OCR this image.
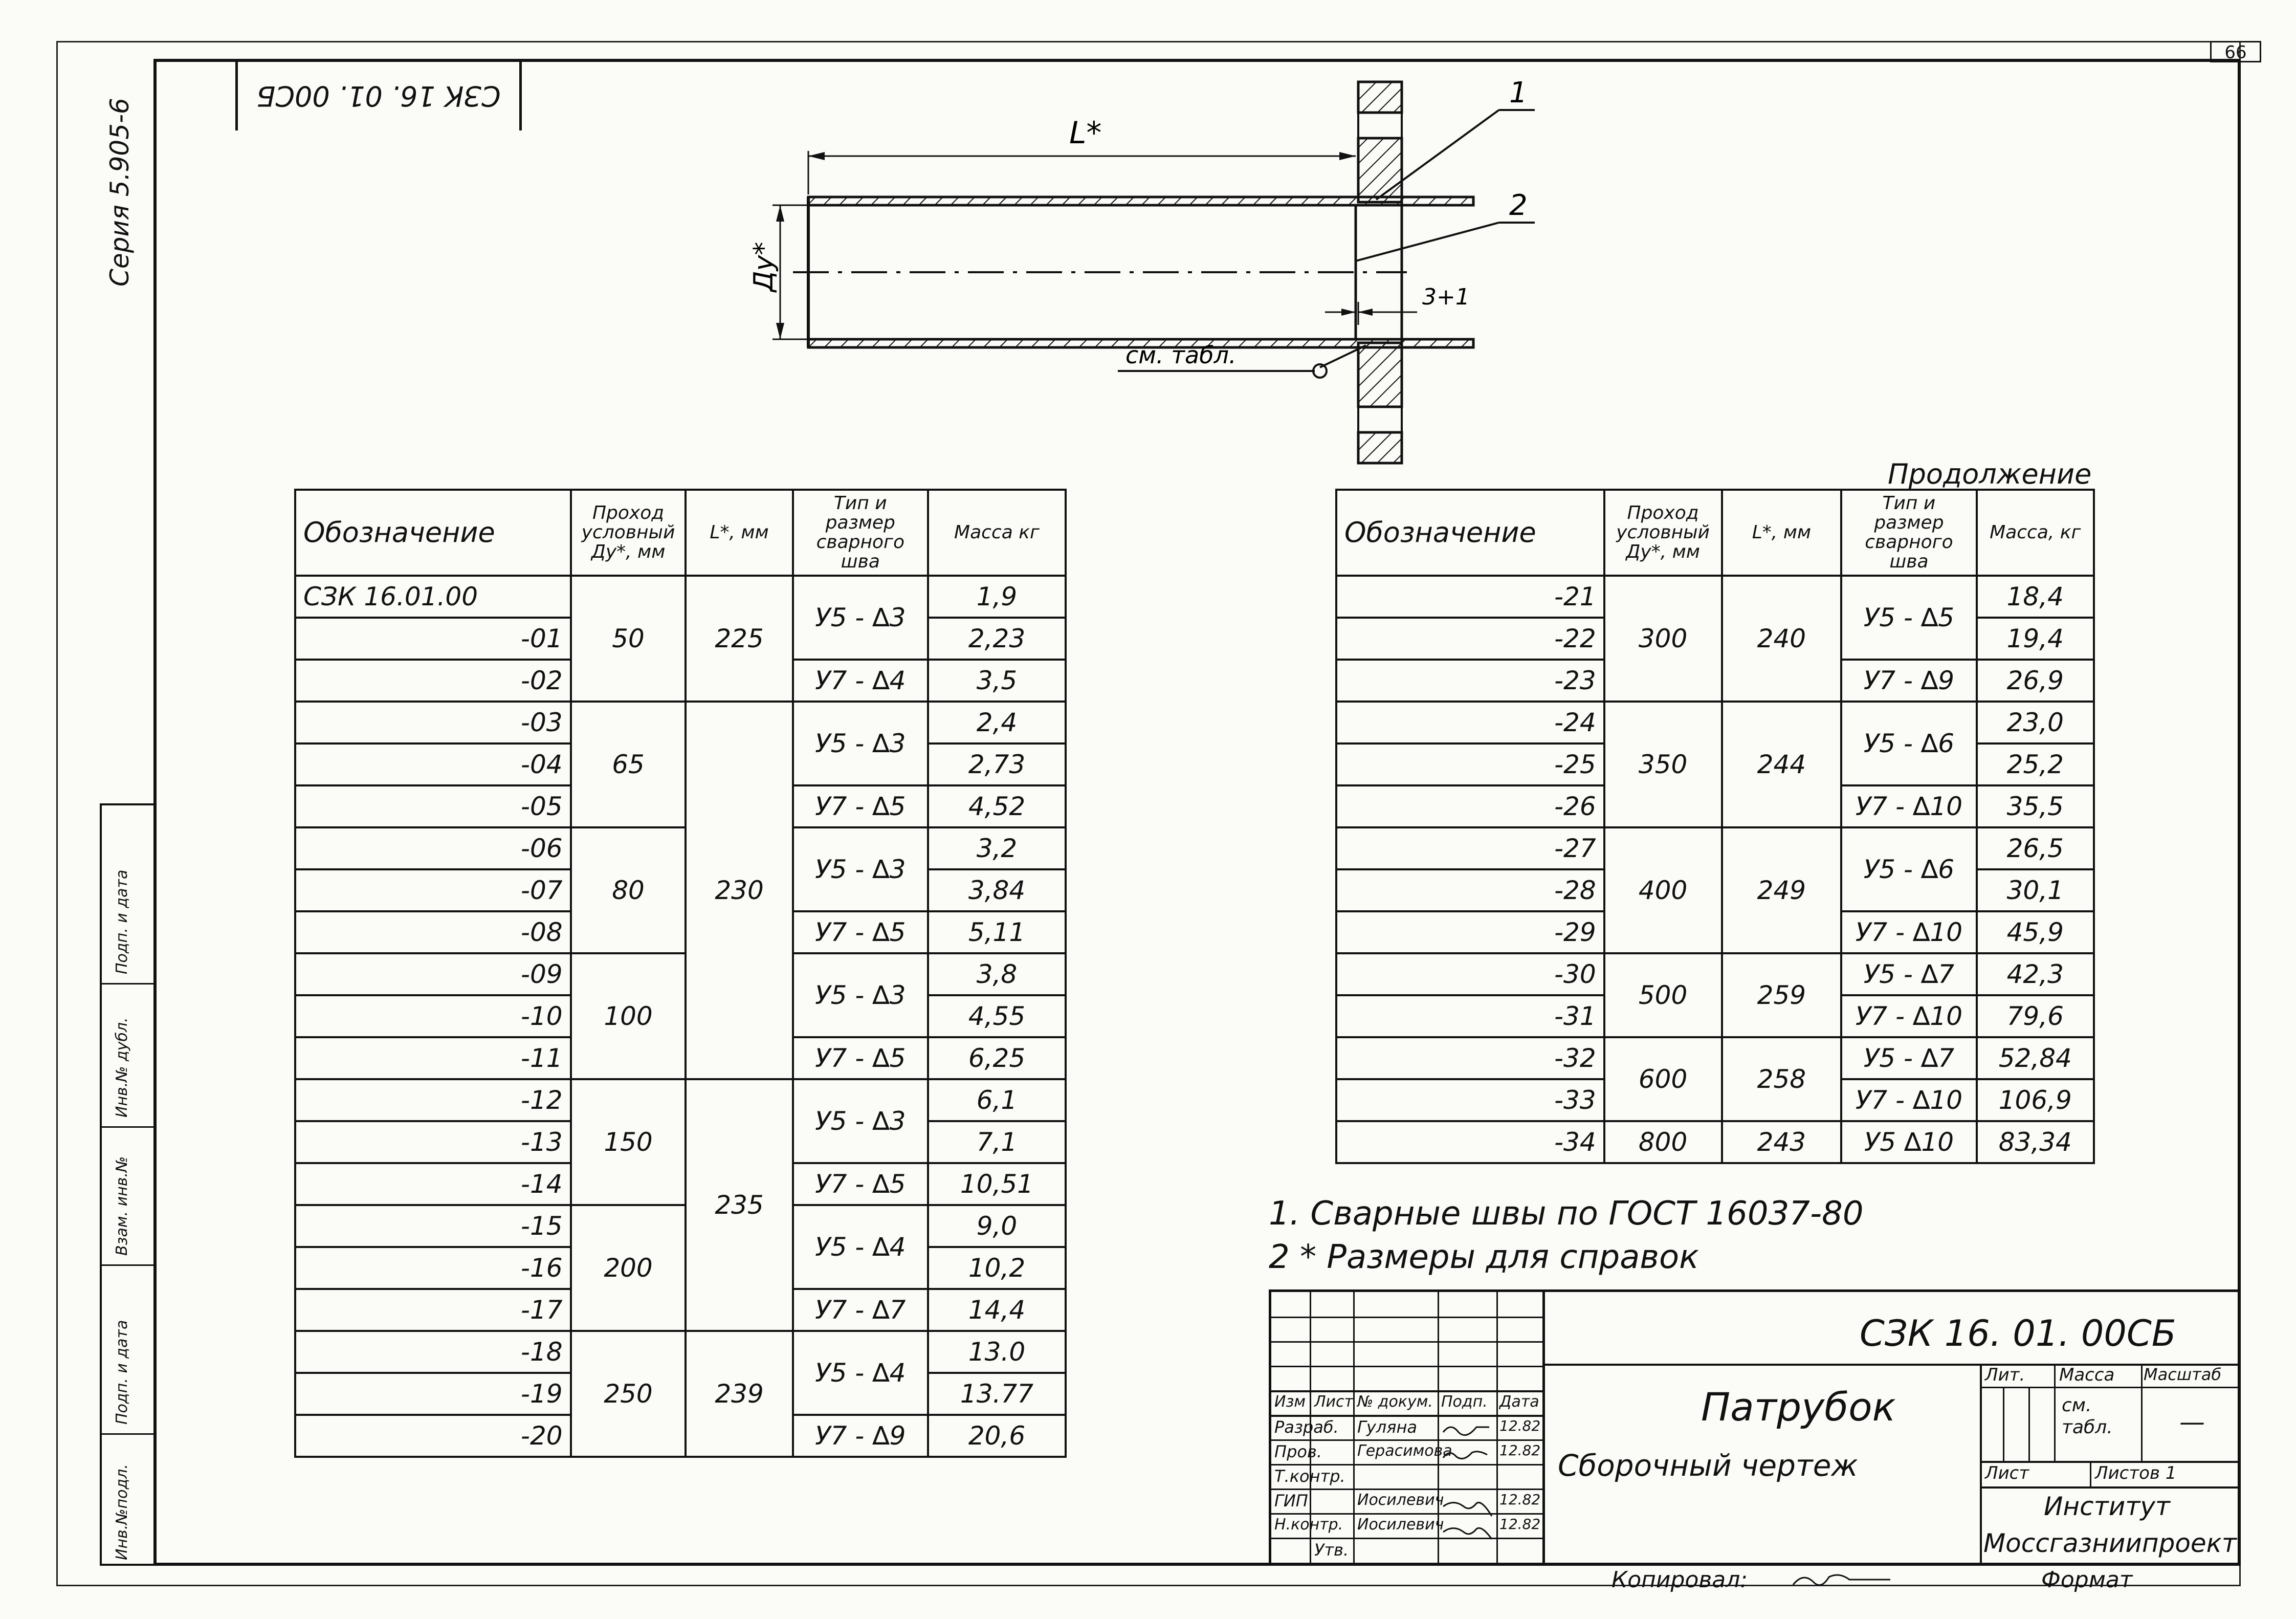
99
СЗК 16. 01. 00СБ
Серия 5.905-6
Подп. и дата
Инв.№ дубл.
Взам. инв.№
Подп. и дата
Инв.№подл.
L*
Ду*
3+1
1
2
см. табл.
Обозначение	Проход условный Ду*, мм	L*, мм	Тип и размер сварного шва	Масса кг
СЗК 16.01.00	50	225	У5 - ∆3	1,9
-01				2,23
-02			У7 - ∆4	3,5
-03	65	230	У5 - ∆3	2,4
-04				2,73
-05			У7 - ∆5	4,52
-06	80		У5 - ∆3	3,2
-07				3,84
-08			У7 - ∆5	5,11
-09	100		У5 - ∆3	3,8
-10				4,55
-11			У7 - ∆5	6,25
-12	150	235	У5 - ∆3	6,1
-13				7,1
-14			У7 - ∆5	10,51
-15	200		У5 - ∆4	9,0
-16				10,2
-17			У7 - ∆7	14,4
-18	250	239	У5 - ∆4	13.0
-19				13.77
-20			У7 - ∆9	20,6
Продолжение
Обозначение	Проход условный Ду*, мм	L*, мм	Тип и размер сварного шва	Масса, кг
-21	300	240	У5 - ∆5	18,4
-22				19,4
-23			У7 - ∆9	26,9
-24	350	244	У5 - ∆6	23,0
-25				25,2
-26			У7 - ∆10	35,5
-27	400	249	У5 - ∆6	26,5
-28				30,1
-29			У7 - ∆10	45,9
-30	500	259	У5 - ∆7	42,3
-31			У7 - ∆10	79,6
-32	600	258	У5 - ∆7	52,84
-33			У7 - ∆10	106,9
-34	800	243	У5 ∆10	83,34
1. Сварные швы по ГОСТ 16037-80
2 * Размеры для справок
Изм Лист № докум. Подп. Дата
Разраб. Гуляна	12.82
Пров. Герасимова	12.82
Т.контр.
ГИП	Иосилевич	12.82
Н.контр. Иосилевич	12.82
Утв.
СЗК 16. 01. 00СБ
Патрубок
Сборочный чертеж
Лит. Масса Масштаб
см. табл.	—
Лист	Листов 1
Институт
Моссгазниипроект
Копировал:	Формат
